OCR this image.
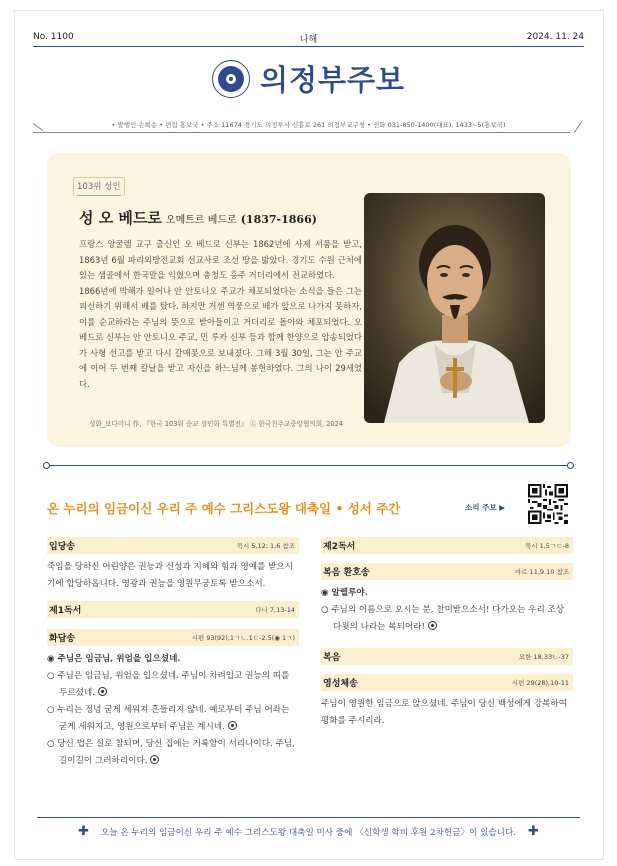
No. 1100	나해	2024. 11. 24
의정부주보
• 발행인 손희송 • 편집 홍보국 • 주소 11674 경기도 의정부시 신흥로 261 의정부교구청 • 전화 031-850-1400(대표), 1433~5(홍보국)
103위 성인
성 오 베드로 오메트르 베드로 (1837-1866)

프랑스 앙굴렘 교구 출신인 오 베드로 신부는 1862년에 사제 서품을 받고, 1863년 6월 파리외방전교회 선교사로 조선 땅을 밟았다. 경기도 수원 근처에 있는 샘골에서 한국말을 익혔으며 충청도 홍주 거더리에서 전교하였다.

1866년에 박해가 일어나 안 안토니오 주교가 체포되었다는 소식을 들은 그는 피신하기 위해서 배를 탔다. 하지만 거센 역풍으로 배가 앞으로 나가지 못하자, 이를 순교하라는 주님의 뜻으로 받아들이고 거더리로 돌아와 체포되었다. 오 베드로 신부는 안 안토니오 주교, 민 루카 신부 등과 함께 한양으로 압송되었다가 사형 선고를 받고 다시 갈매못으로 보내졌다. 그해 3월 30일, 그는 안 주교에 이어 두 번째 칼날을 받고 자신을 하느님께 봉헌하였다. 그의 나이 29세였다.

성화_보다미니 作, 『한국 103위 순교 성인화 특별전』 ⓒ 한국천주교중앙협의회, 2024
온 누리의 임금이신 우리 주 예수 그리스도왕 대축일 • 성서 주간	소리 주보 ▶
입당송	묵시 5,12; 1,6 참조
죽임을 당하신 어린양은 권능과 신성과 지혜와 힘과 영예를 받으시기에 합당하옵니다. 영광과 권능을 영원무궁토록 받으소서.
제1독서	다니 7,13-14
화답송	시편 93(92),1ㄱㄴ.1ㄷ-2.5(◉ 1ㄱ)
◉ 주님은 임금님, 위엄을 입으셨네.
○ 주님은 임금님, 위엄을 입으셨네. 주님이 차려입고 권능의 띠를 두르셨네.
○ 누리는 정녕 굳게 세워져 흔들리지 않네. 예로부터 주님 어좌는 굳게 세워지고, 영원으로부터 주님은 계시네.
○ 당신 법은 실로 참되며, 당신 집에는 거룩함이 서리나이다. 주님, 길이길이 그러하리이다.
제2독서	묵시 1,5ㄱㄷ-8
복음 환호송	마르 11,9.10 참조
◉ 알렐루야.
○ 주님의 이름으로 오시는 분, 찬미받으소서! 다가오는 우리 조상 다윗의 나라는 복되어라!
복음	요한 18,33ㄴ-37
영성체송	시편 29(28),10-11
주님이 영원한 임금으로 앉으셨네. 주님이 당신 백성에게 강복하여 평화를 주시리라.
✚ 오늘 온 누리의 임금이신 우리 주 예수 그리스도왕 대축일 미사 중에 〈신학생 학비 후원 2차헌금〉이 있습니다. ✚
